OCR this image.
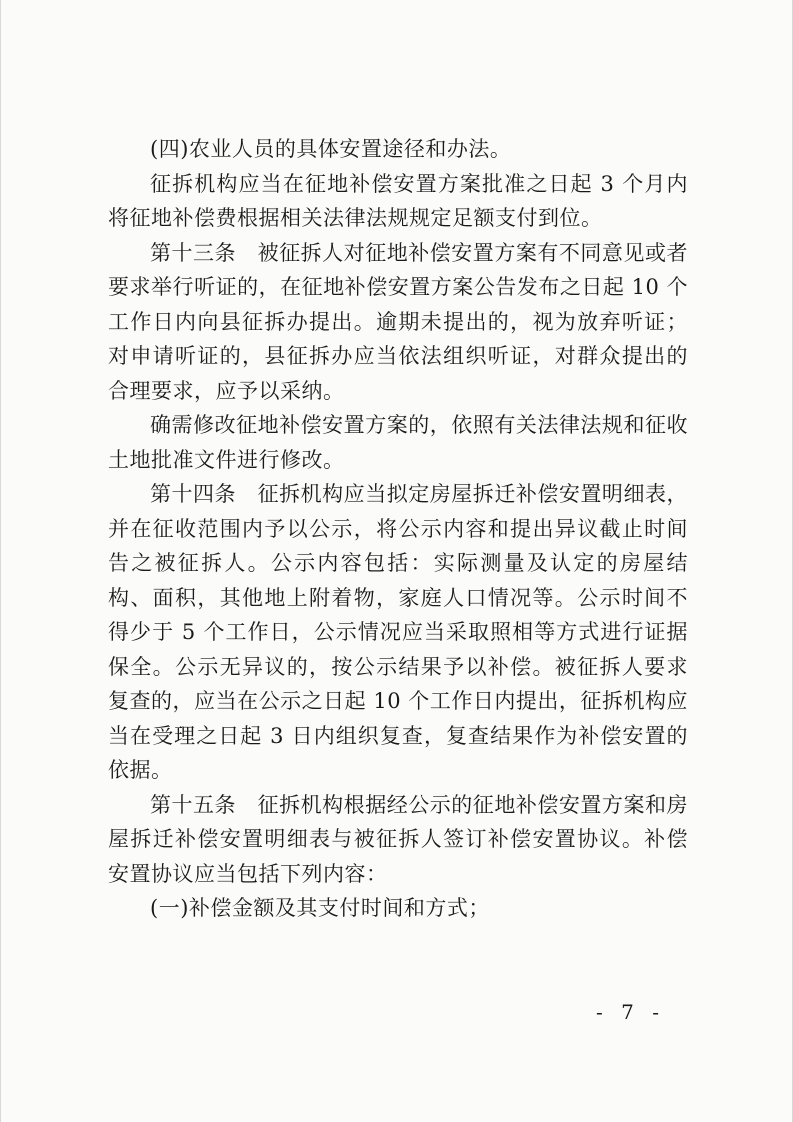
(四)农业人员的具体安置途径和办法。

征拆机构应当在征地补偿安置方案批准之日起 3 个月内将征地补偿费根据相关法律法规规定足额支付到位。

第十三条　被征拆人对征地补偿安置方案有不同意见或者要求举行听证的，在征地补偿安置方案公告发布之日起 10 个工作日内向县征拆办提出。逾期未提出的，视为放弃听证；对申请听证的，县征拆办应当依法组织听证，对群众提出的合理要求，应予以采纳。

确需修改征地补偿安置方案的，依照有关法律法规和征收土地批准文件进行修改。

第十四条　征拆机构应当拟定房屋拆迁补偿安置明细表，并在征收范围内予以公示，将公示内容和提出异议截止时间告之被征拆人。公示内容包括：实际测量及认定的房屋结构、面积，其他地上附着物，家庭人口情况等。公示时间不得少于 5 个工作日，公示情况应当采取照相等方式进行证据保全。公示无异议的，按公示结果予以补偿。被征拆人要求复查的，应当在公示之日起 10 个工作日内提出，征拆机构应当在受理之日起 3 日内组织复查，复查结果作为补偿安置的依据。

第十五条　征拆机构根据经公示的征地补偿安置方案和房屋拆迁补偿安置明细表与被征拆人签订补偿安置协议。补偿安置协议应当包括下列内容：

(一)补偿金额及其支付时间和方式；

- 7 -
